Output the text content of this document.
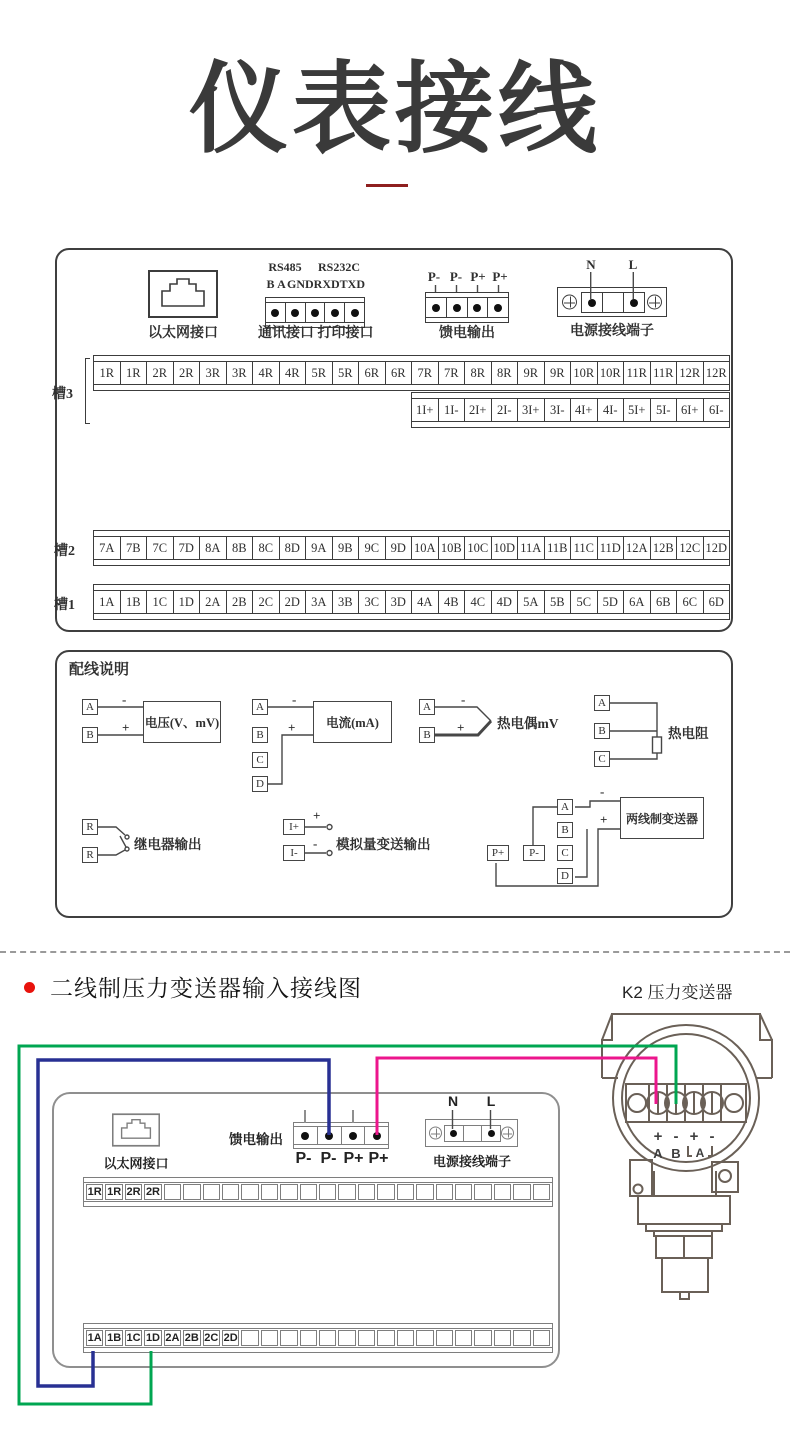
仪表接线
以太网接口
RS485	RS232C
B A GND RXD TXD
通讯接口 打印接口
P- P- P+ P+
馈电输出
N	L
电源接线端子
槽3
1R 1R 2R 2R 3R 3R 4R 4R 5R 5R 6R 6R 7R 7R 8R 8R 9R 9R 10R 10R 11R 11R 12R 12R
1I+ 1I- 2I+ 2I- 3I+ 3I- 4I+ 4I- 5I+ 5I- 6I+ 6I-
槽2	7A 7B 7C 7D 8A 8B 8C 8D 9A 9B 9C 9D 10A 10B 10C 10D 11A 11B 11C 11D 12A 12B 12C 12D
槽1	1A 1B 1C 1D 2A 2B 2C 2D 3A 3B 3C 3D 4A 4B 4C 4D 5A 5B 5C 5D 6A 6B 6C 6D
配线说明
A
B
-
+ 电压(V、mV)
A
B
C
D
-
+	电流(mA)
A
B
-
+ 热电偶mV
A
B
C
热电阻
R
R
继电器输出
I+
I-
+
- 模拟量变送输出
P+	P-
A
B
C
D
-
+	两线制变送器
二线制压力变送器输入接线图	K2 压力变送器
以太网接口
馈电输出
P- P- P+ P+
N L
电源接线端子
1R 1R 2R 2R
1A 1B 1C 1D 2A 2B 2C 2D
+ - + -
A B A
